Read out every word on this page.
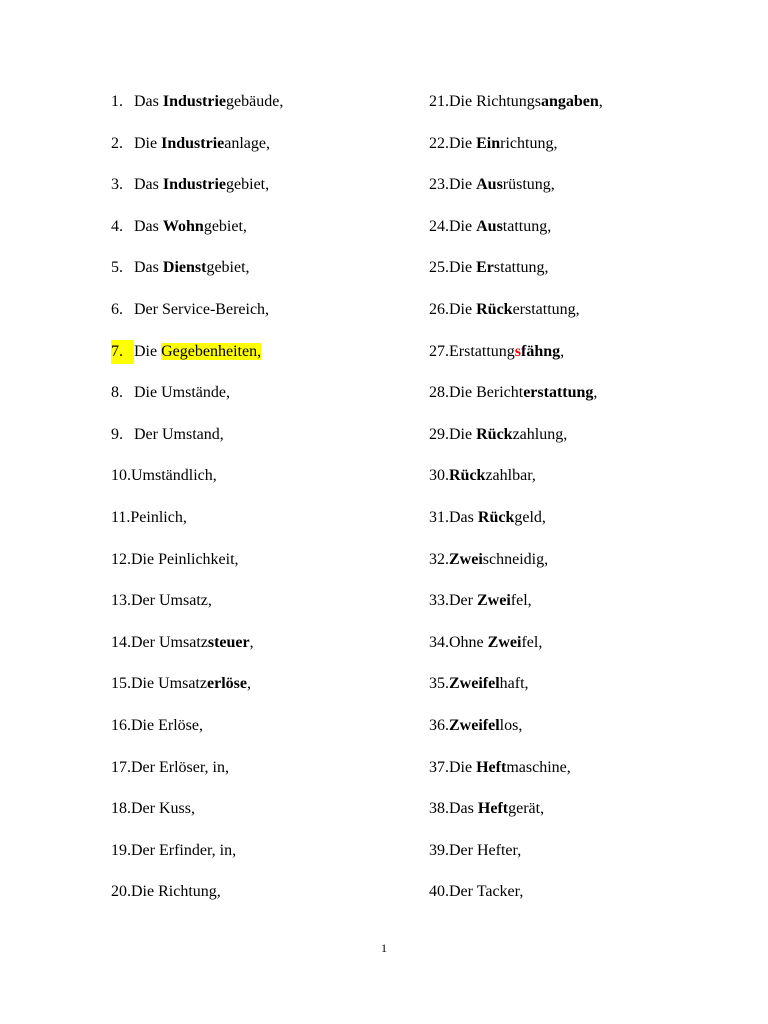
1. Das Industriegebäude,
2. Die Industrieanlage,
3. Das Industriegebiet,
4. Das Wohngebiet,
5. Das Dienstgebiet,
6. Der Service-Bereich,
7. Die Gegebenheiten,
8. Die Umstände,
9. Der Umstand,
10. Umständlich,
11. Peinlich,
12. Die Peinlichkeit,
13. Der Umsatz,
14. Der Umsatzsteuer,
15. Die Umsatzerlöse,
16. Die Erlöse,
17. Der Erlöser, in,
18. Der Kuss,
19. Der Erfinder, in,
20. Die Richtung,
21. Die Richtungsangaben,
22. Die Einrichtung,
23. Die Ausrüstung,
24. Die Austattung,
25. Die Erstattung,
26. Die Rückerstattung,
27. Erstattungsfähng,
28. Die Berichterstattung,
29. Die Rückzahlung,
30. Rückzahlbar,
31. Das Rückgeld,
32. Zweischneidig,
33. Der Zweifel,
34. Ohne Zweifel,
35. Zweifelhaft,
36. Zweifellos,
37. Die Heftmaschine,
38. Das Heftgerät,
39. Der Hefter,
40. Der Tacker,
1
